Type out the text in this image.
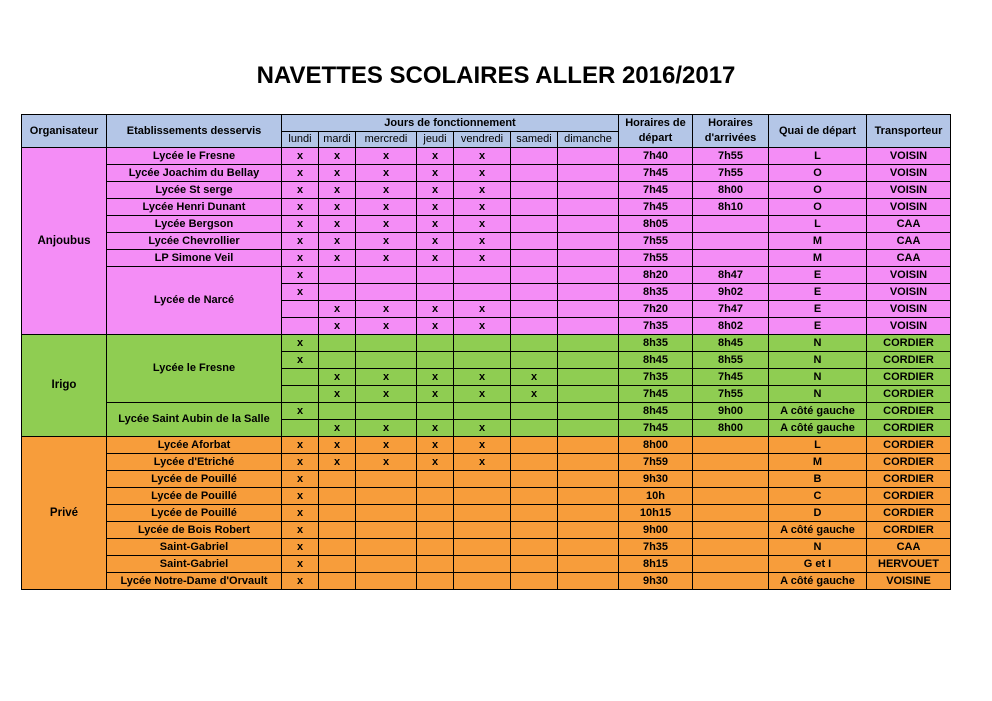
NAVETTES SCOLAIRES ALLER 2016/2017
Organisateur	Etablissements desservis	Jours de fonctionnement							Horaires de départ	Horaires d'arrivées	Quai de départ	Transporteur
		lundi	mardi	mercredi	jeudi	vendredi	samedi	dimanche				
Anjoubus	Lycée le Fresne	x	x	x	x	x			7h40	7h55	L	VOISIN
	Lycée Joachim du Bellay	x	x	x	x	x			7h45	7h55	O	VOISIN
	Lycée St serge	x	x	x	x	x			7h45	8h00	O	VOISIN
	Lycée Henri Dunant	x	x	x	x	x			7h45	8h10	O	VOISIN
	Lycée Bergson	x	x	x	x	x			8h05		L	CAA
	Lycée Chevrollier	x	x	x	x	x			7h55		M	CAA
	LP Simone Veil	x	x	x	x	x			7h55		M	CAA
	Lycée de Narcé	x							8h20	8h47	E	VOISIN
		x							8h35	9h02	E	VOISIN
			x	x	x	x			7h20	7h47	E	VOISIN
			x	x	x	x			7h35	8h02	E	VOISIN
Irigo	Lycée le Fresne	x							8h35	8h45	N	CORDIER
		x							8h45	8h55	N	CORDIER
			x	x	x	x	x		7h35	7h45	N	CORDIER
			x	x	x	x	x		7h45	7h55	N	CORDIER
	Lycée Saint Aubin de la Salle	x							8h45	9h00	A côté gauche	CORDIER
			x	x	x	x			7h45	8h00	A côté gauche	CORDIER
Privé	Lycée Aforbat	x	x	x	x	x			8h00		L	CORDIER
	Lycée d'Etriché	x	x	x	x	x			7h59		M	CORDIER
	Lycée de Pouillé	x							9h30		B	CORDIER
	Lycée de Pouillé	x							10h		C	CORDIER
	Lycée de Pouillé	x							10h15		D	CORDIER
	Lycée de Bois Robert	x							9h00		A côté gauche	CORDIER
	Saint-Gabriel	x							7h35		N	CAA
	Saint-Gabriel	x							8h15		G et I	HERVOUET
	Lycée Notre-Dame d'Orvault	x							9h30		A côté gauche	VOISINE
